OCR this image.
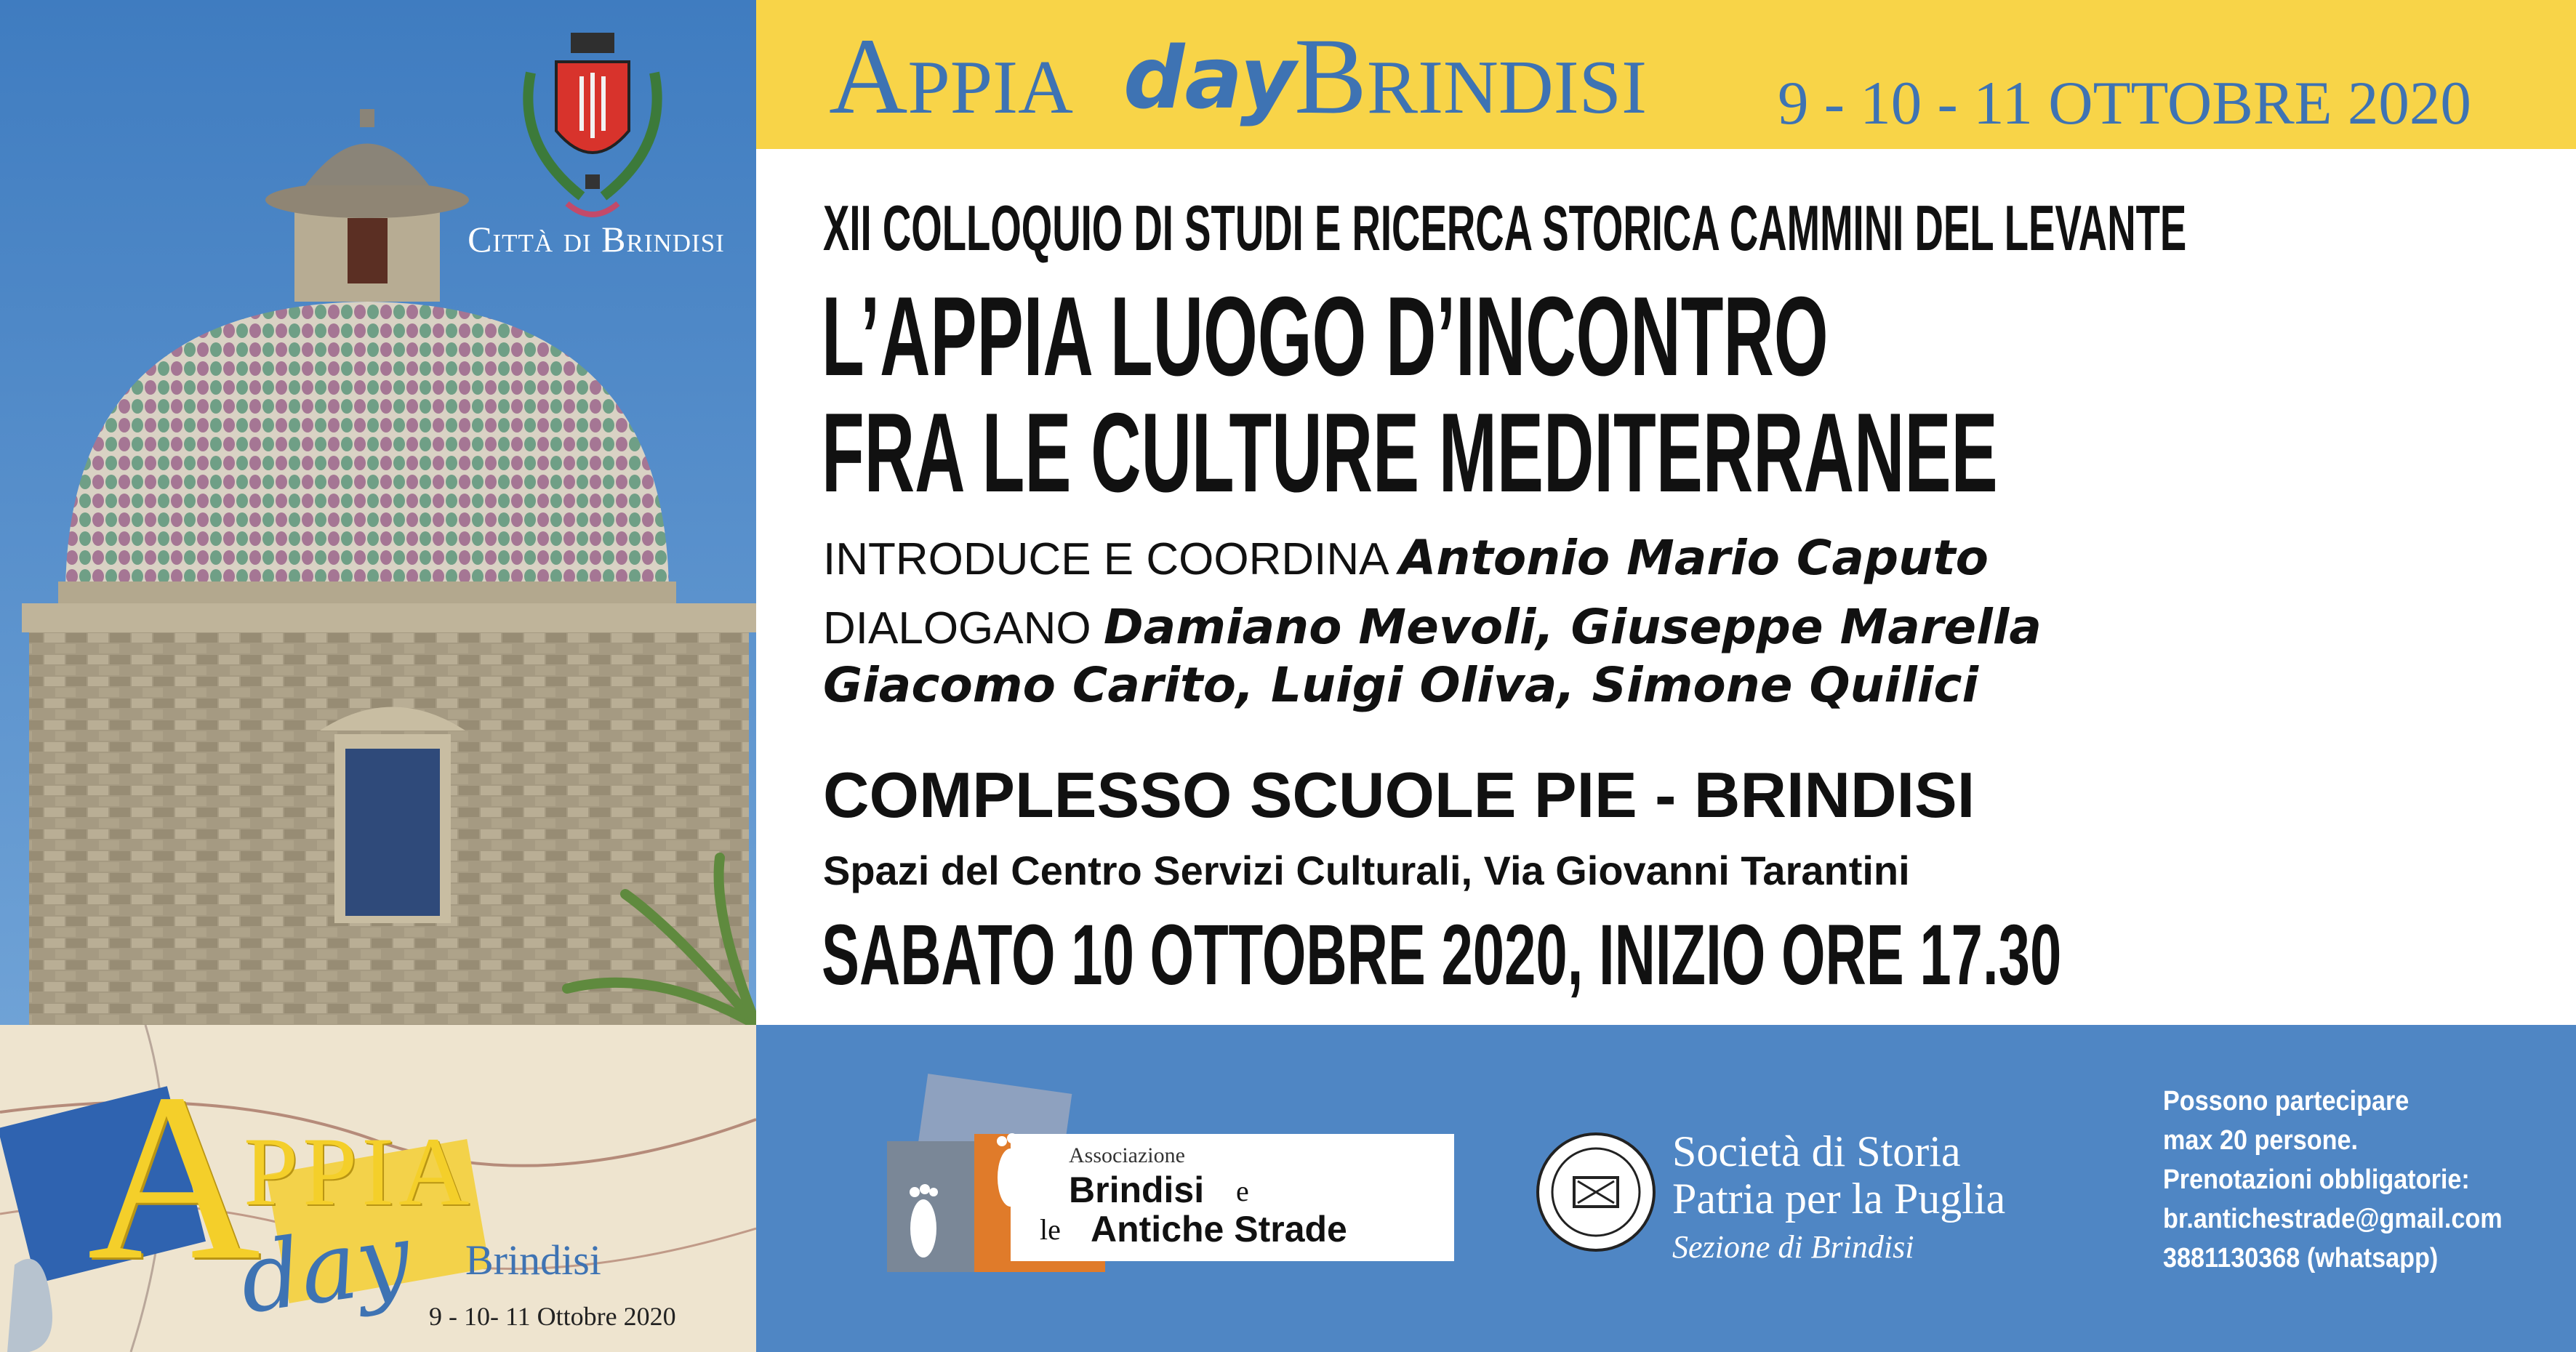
Città di Brindisi
A
PPIA
day Brindisi
9 - 10- 11 Ottobre 2020
Appia day
Brindisi 9 - 10 - 11 OTTOBRE 2020
XII COLLOQUIO DI STUDI E RICERCA STORICA CAMMINI DEL LEVANTE
L’APPIA LUOGO D’INCONTRO
FRA LE CULTURE MEDITERRANEE
INTRODUCE E COORDINA Antonio Mario Caputo
DIALOGANO Damiano Mevoli, Giuseppe Marella
Giacomo Carito, Luigi Oliva, Simone Quilici
COMPLESSO SCUOLE PIE - BRINDISI
Spazi del Centro Servizi Culturali, Via Giovanni Tarantini
SABATO 10 OTTOBRE 2020, INIZIO ORE 17.30
Associazione
Brindisi e
le Antiche Strade
Società di Storia
Patria per la Puglia
Sezione di Brindisi
Possono partecipare
max 20 persone.
Prenotazioni obbligatorie:
br.antichestrade@gmail.com
3881130368 (whatsapp)
